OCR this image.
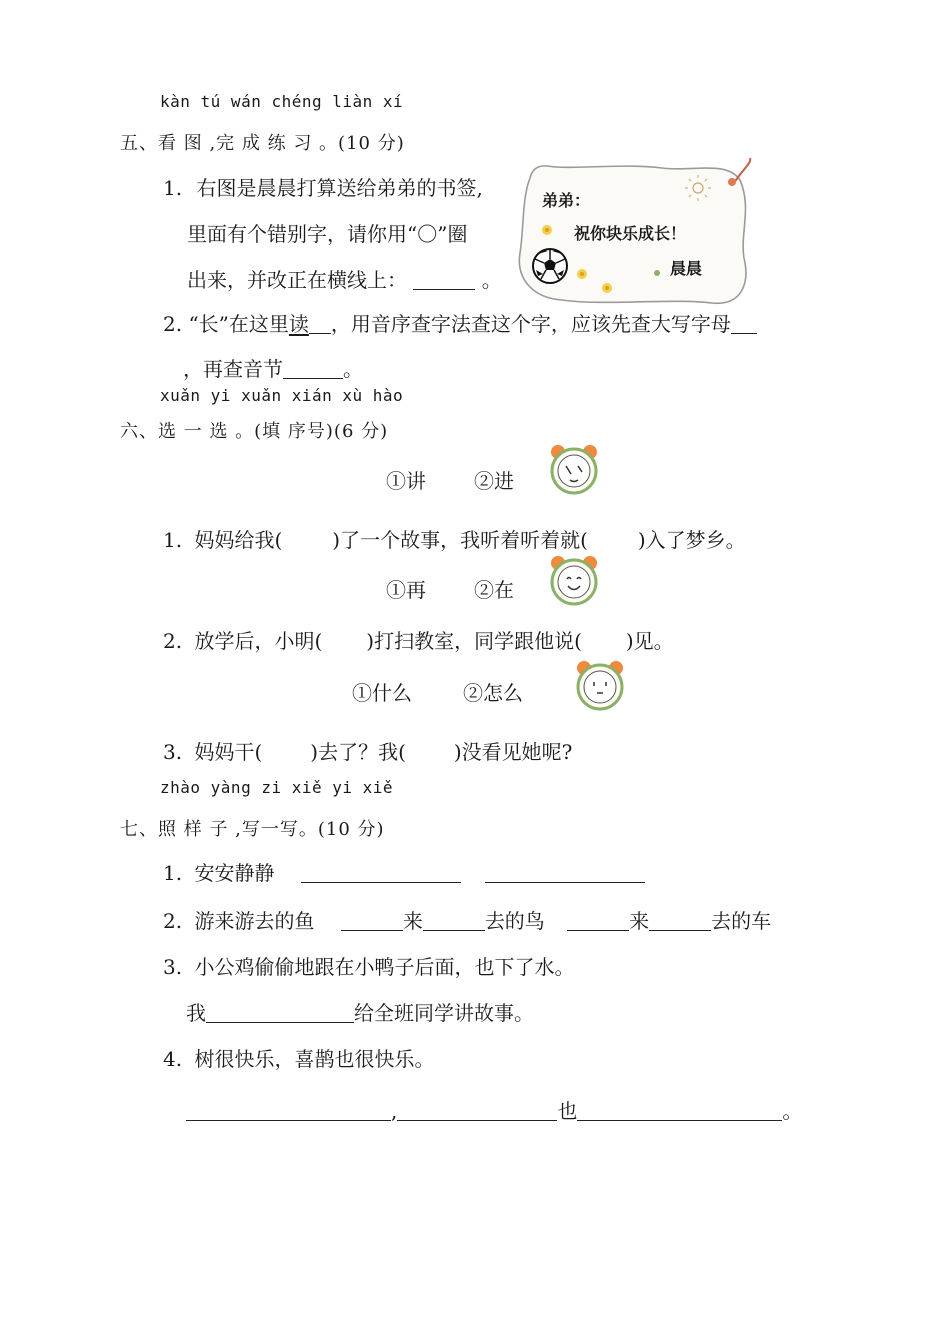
kàn tú wán chéng liàn xí
五、看 图 ,完 成 练 习 。(10 分)
1. 右图是晨晨打算送给弟弟的书签,
里面有个错别字，请你用“〇”圈
出来，并改正在横线上：	。
弟弟：
祝你块乐成长！
晨晨
2. “长”在这里读 ，用音序查字法查这个字，应该先查大写字母
，再查音节	。
xuǎn yi xuǎn xián xù hào
六、选 一 选 。(填 序号)(6 分)
①讲 ②进
1. 妈妈给我(	)了一个故事，我听着听着就(	)入了梦乡。
①再 ②在
2. 放学后，小明( )打扫教室，同学跟他说( )见。
①什么	②怎么
3. 妈妈干( )去了？我( )没看见她呢?
zhào yàng zi xiě yi xiě
七、照 样 子 ,写一写。(10 分)
1. 安安静静
2. 游来游去的鱼	来	去的鸟	来	去的车
3. 小公鸡偷偷地跟在小鸭子后面，也下了水。
我	给全班同学讲故事。
4. 树很快乐，喜鹊也很快乐。
,	也	。
